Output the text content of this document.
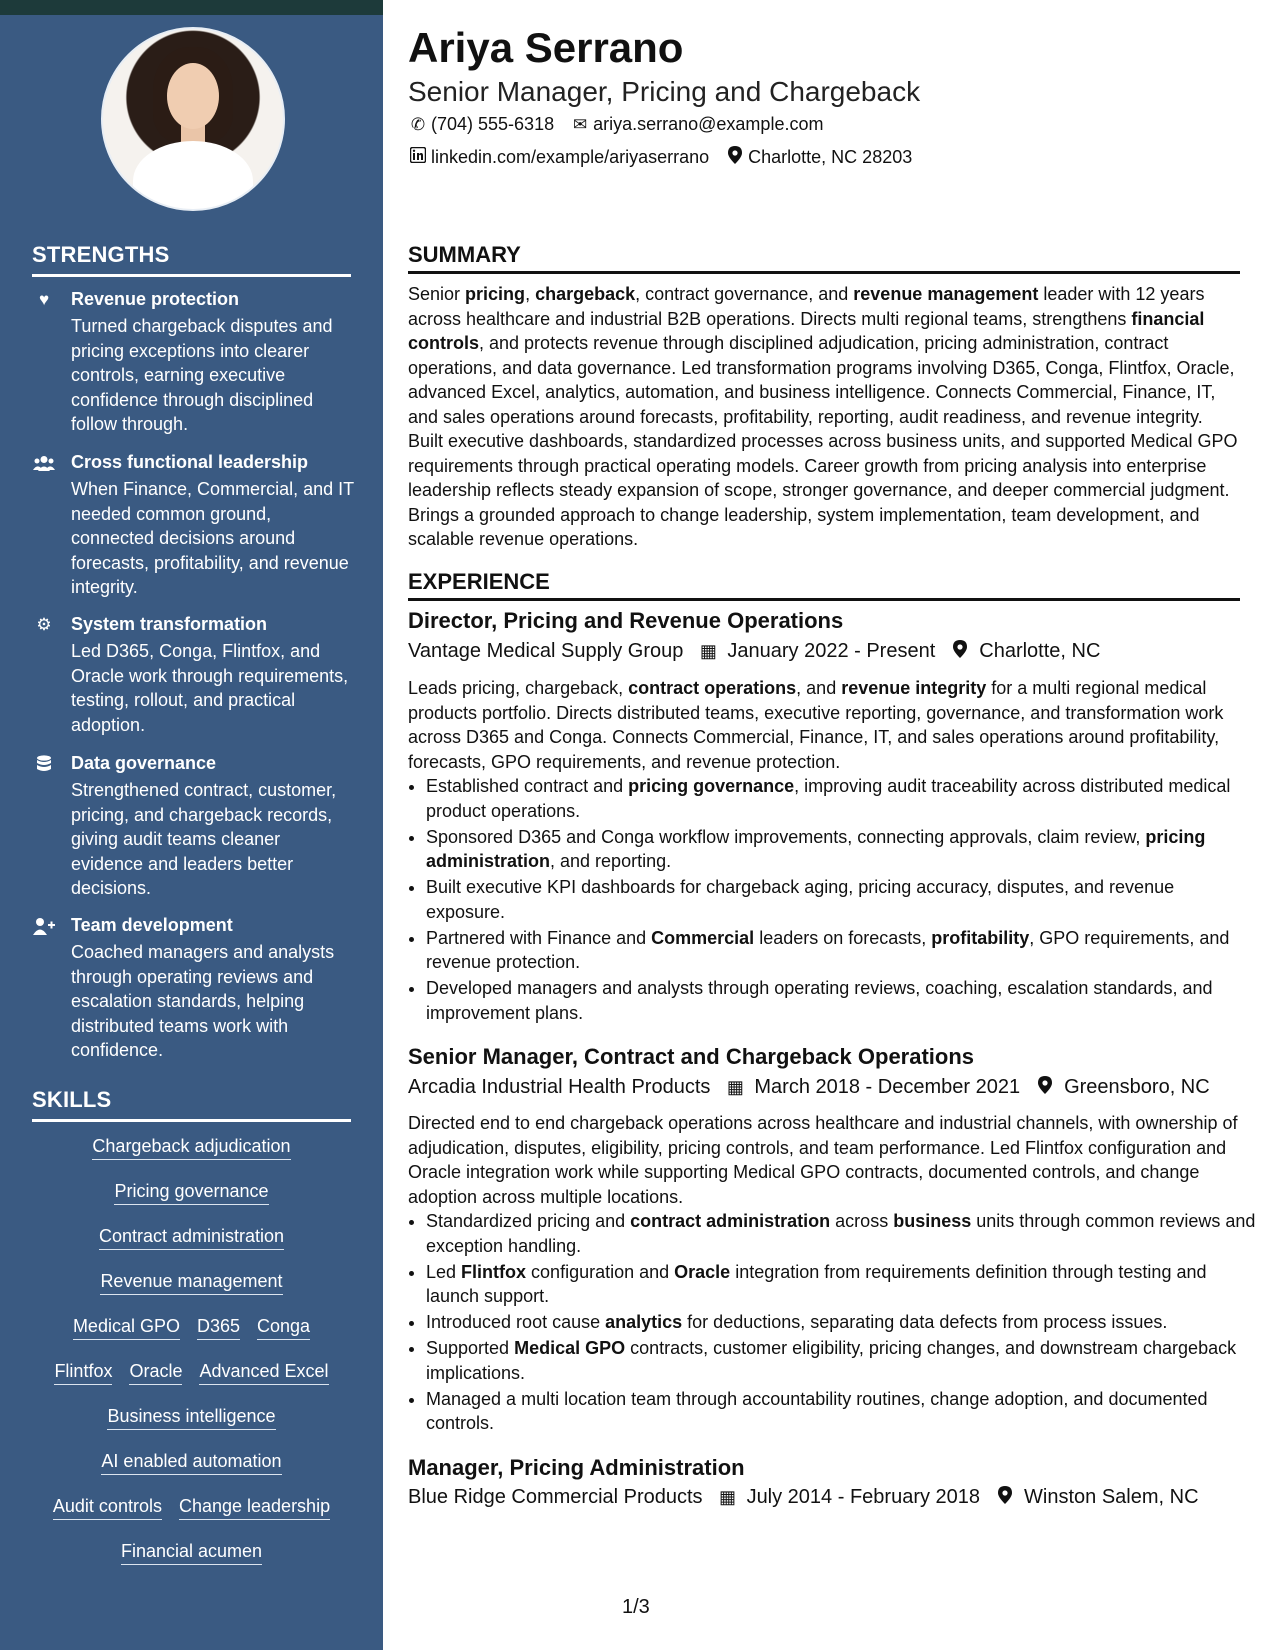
STRENGTHS
♥	Revenue protection
Turned chargeback disputes and pricing exceptions into clearer controls, earning executive confidence through disciplined follow through.
Cross functional leadership
When Finance, Commercial, and IT needed common ground, connected decisions around forecasts, profitability, and revenue integrity.
⚙ System transformation
Led D365, Conga, Flintfox, and Oracle work through requirements, testing, rollout, and practical adoption.
Data governance
Strengthened contract, customer, pricing, and chargeback records, giving audit teams cleaner evidence and leaders better decisions.
Team development
Coached managers and analysts through operating reviews and escalation standards, helping distributed teams work with confidence.
SKILLS
Chargeback adjudication
Pricing governance
Contract administration
Revenue management
Medical GPO D365 Conga
Flintfox Oracle Advanced Excel
Business intelligence
AI enabled automation
Audit controls Change leadership
Financial acumen
Ariya Serrano
Senior Manager, Pricing and Chargeback
✆ (704) 555-6318 ✉ ariya.serrano@example.com
linkedin.com/example/ariyaserrano Charlotte, NC 28203
SUMMARY
Senior pricing, chargeback, contract governance, and revenue management leader with 12 years across healthcare and industrial B2B operations. Directs multi regional teams, strengthens financial controls, and protects revenue through disciplined adjudication, pricing administration, contract operations, and data governance. Led transformation programs involving D365, Conga, Flintfox, Oracle, advanced Excel, analytics, automation, and business intelligence. Connects Commercial, Finance, IT, and sales operations around forecasts, profitability, reporting, audit readiness, and revenue integrity. Built executive dashboards, standardized processes across business units, and supported Medical GPO requirements through practical operating models. Career growth from pricing analysis into enterprise leadership reflects steady expansion of scope, stronger governance, and deeper commercial judgment. Brings a grounded approach to change leadership, system implementation, team development, and scalable revenue operations.
EXPERIENCE
Director, Pricing and Revenue Operations
Vantage Medical Supply Group ▦ January 2022 - Present Charlotte, NC
Leads pricing, chargeback, contract operations, and revenue integrity for a multi regional medical products portfolio. Directs distributed teams, executive reporting, governance, and transformation work across D365 and Conga. Connects Commercial, Finance, IT, and sales operations around profitability, forecasts, GPO requirements, and revenue protection.
• Established contract and pricing governance, improving audit traceability across distributed medical product operations.
• Sponsored D365 and Conga workflow improvements, connecting approvals, claim review, pricing administration, and reporting.
• Built executive KPI dashboards for chargeback aging, pricing accuracy, disputes, and revenue exposure.
• Partnered with Finance and Commercial leaders on forecasts, profitability, GPO requirements, and revenue protection.
• Developed managers and analysts through operating reviews, coaching, escalation standards, and improvement plans.
Senior Manager, Contract and Chargeback Operations
Arcadia Industrial Health Products ▦ March 2018 - December 2021 Greensboro, NC
Directed end to end chargeback operations across healthcare and industrial channels, with ownership of adjudication, disputes, eligibility, pricing controls, and team performance. Led Flintfox configuration and Oracle integration work while supporting Medical GPO contracts, documented controls, and change adoption across multiple locations.
• Standardized pricing and contract administration across business units through common reviews and exception handling.
• Led Flintfox configuration and Oracle integration from requirements definition through testing and launch support.
• Introduced root cause analytics for deductions, separating data defects from process issues.
• Supported Medical GPO contracts, customer eligibility, pricing changes, and downstream chargeback implications.
• Managed a multi location team through accountability routines, change adoption, and documented controls.
Manager, Pricing Administration
Blue Ridge Commercial Products ▦ July 2014 - February 2018 Winston Salem, NC
1/3
